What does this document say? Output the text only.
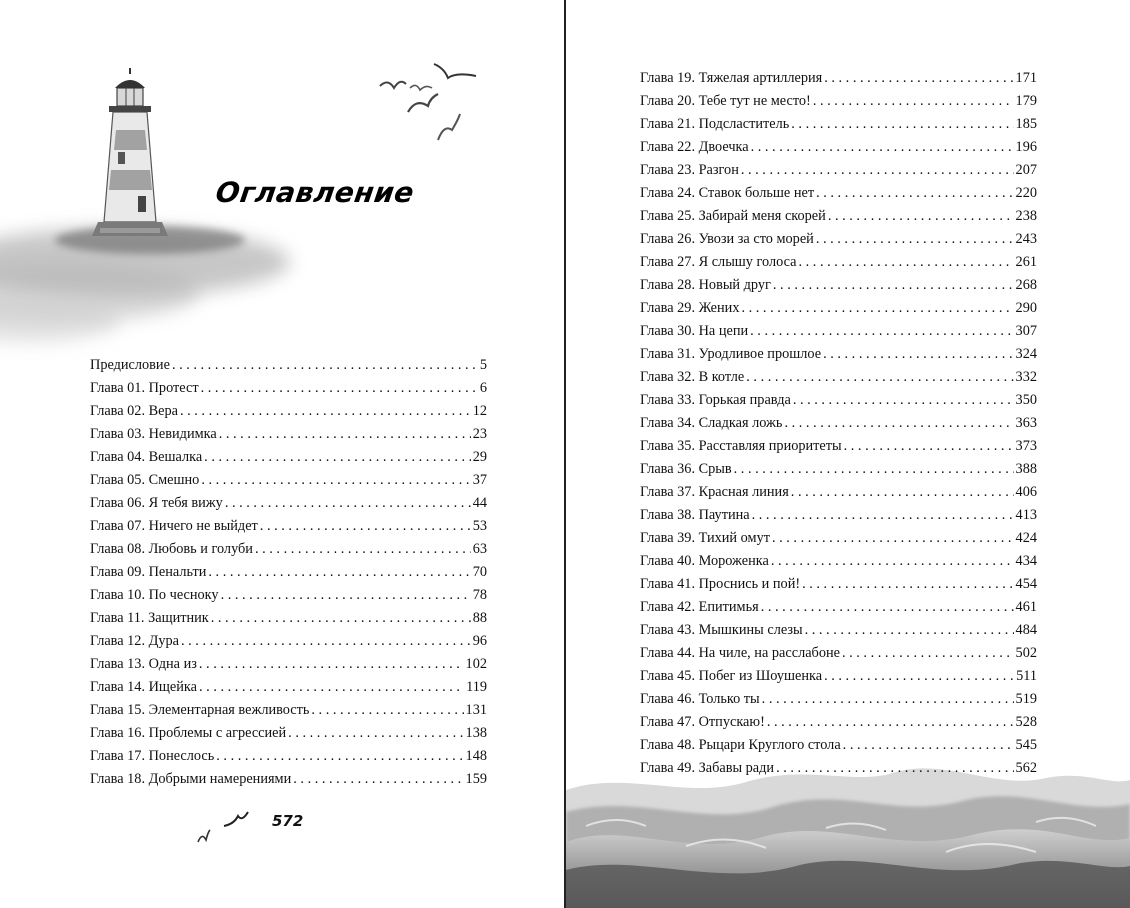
Оглавление
Предисловие . . .	5
Глава 01. Протест . . .	6
Глава 02. Вера . . .	12
Глава 03. Невидимка . . .	23
Глава 04. Вешалка . . .	29
Глава 05. Смешно . . .	37
Глава 06. Я тебя вижу . . .	44
Глава 07. Ничего не выйдет . . .	53
Глава 08. Любовь и голуби . . .	63
Глава 09. Пенальти . . .	70
Глава 10. По чесноку . . .	78
Глава 11. Защитник . . .	88
Глава 12. Дура . . .	96
Глава 13. Одна из . . .	102
Глава 14. Ищейка . . .	119
Глава 15. Элементарная вежливость . . .	131
Глава 16. Проблемы с агрессией . . .	138
Глава 17. Понеслось . . .	148
Глава 18. Добрыми намерениями . . .	159
572
Глава 19. Тяжелая артиллерия . . .	171
Глава 20. Тебе тут не место! . . .	179
Глава 21. Подсластитель . . .	185
Глава 22. Двоечка . . .	196
Глава 23. Разгон . . .	207
Глава 24. Ставок больше нет . . .	220
Глава 25. Забирай меня скорей . . .	238
Глава 26. Увози за сто морей . . .	243
Глава 27. Я слышу голоса . . .	261
Глава 28. Новый друг . . .	268
Глава 29. Жених . . .	290
Глава 30. На цепи . . .	307
Глава 31. Уродливое прошлое . . .	324
Глава 32. В котле . . .	332
Глава 33. Горькая правда . . .	350
Глава 34. Сладкая ложь . . .	363
Глава 35. Расставляя приоритеты . . .	373
Глава 36. Срыв . . .	388
Глава 37. Красная линия . . .	406
Глава 38. Паутина . . .	413
Глава 39. Тихий омут . . .	424
Глава 40. Мороженка . . .	434
Глава 41. Проснись и пой! . . .	454
Глава 42. Епитимья . . .	461
Глава 43. Мышкины слезы . . .	484
Глава 44. На чиле, на расслабоне . . .	502
Глава 45. Побег из Шоушенка . . .	511
Глава 46. Только ты . . .	519
Глава 47. Отпускаю! . . .	528
Глава 48. Рыцари Круглого стола . . .	545
Глава 49. Забавы ради . . .	562
